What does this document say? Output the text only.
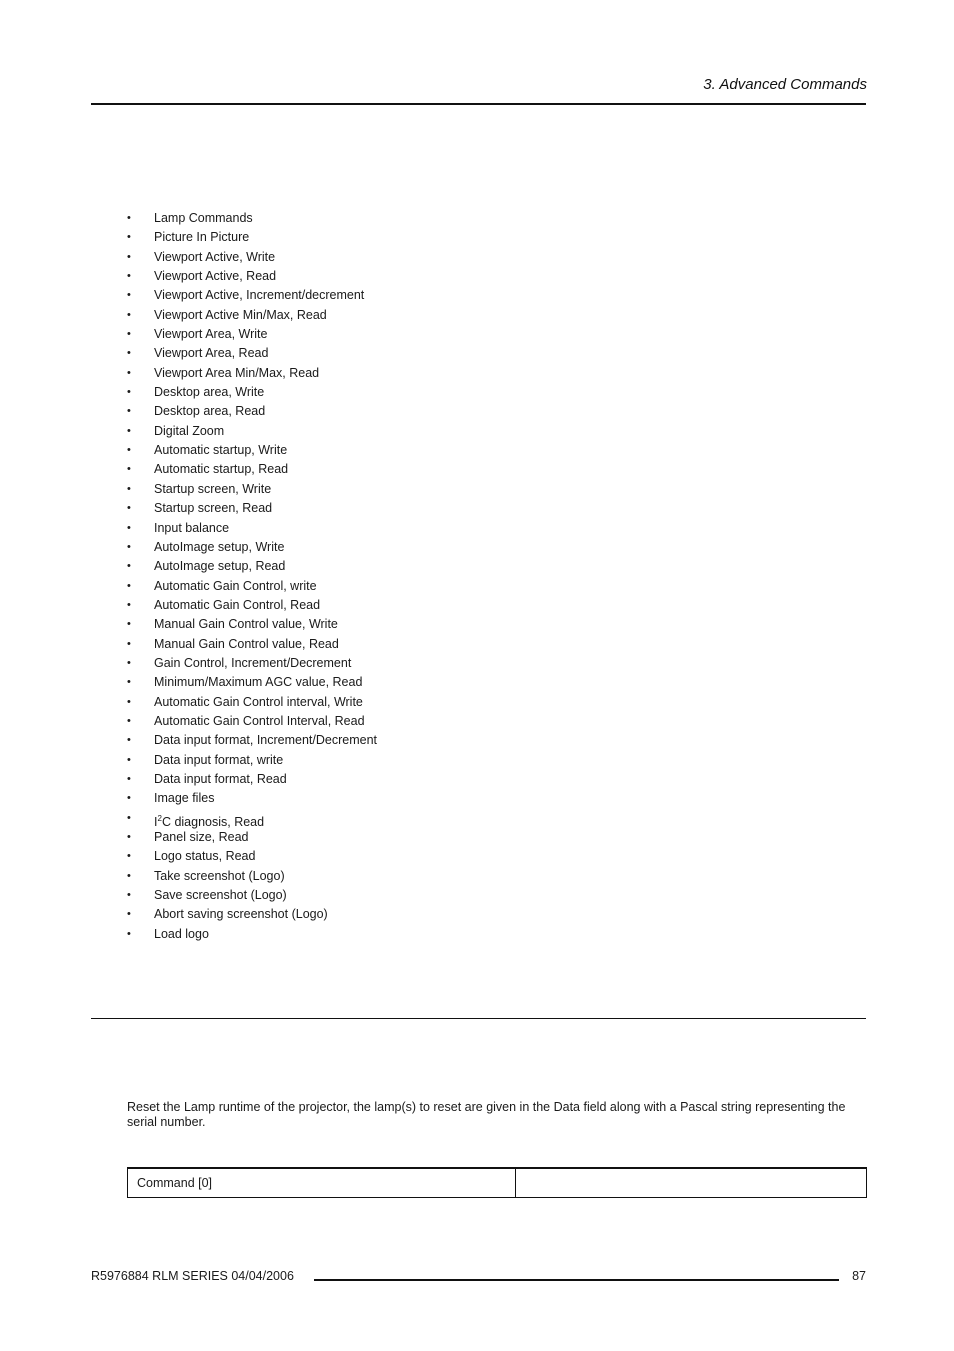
3. Advanced Commands
• Lamp Commands
• Picture In Picture
• Viewport Active, Write
• Viewport Active, Read
• Viewport Active, Increment/decrement
• Viewport Active Min/Max, Read
• Viewport Area, Write
• Viewport Area, Read
• Viewport Area Min/Max, Read
• Desktop area, Write
• Desktop area, Read
• Digital Zoom
• Automatic startup, Write
• Automatic startup, Read
• Startup screen, Write
• Startup screen, Read
• Input balance
• AutoImage setup, Write
• AutoImage setup, Read
• Automatic Gain Control, write
• Automatic Gain Control, Read
• Manual Gain Control value, Write
• Manual Gain Control value, Read
• Gain Control, Increment/Decrement
• Minimum/Maximum AGC value, Read
• Automatic Gain Control interval, Write
• Automatic Gain Control Interval, Read
• Data input format, Increment/Decrement
• Data input format, write
• Data input format, Read
• Image files
• $I^2C$ diagnosis, Read
• Panel size, Read
• Logo status, Read
• Take screenshot (Logo)
• Save screenshot (Logo)
• Abort saving screenshot (Logo)
• Load logo

Reset the Lamp runtime of the projector, the lamp(s) to reset are given in the Data field along with a Pascal string representing the serial number.

Command [0]	
R5976884 RLM SERIES 04/04/2006	87
